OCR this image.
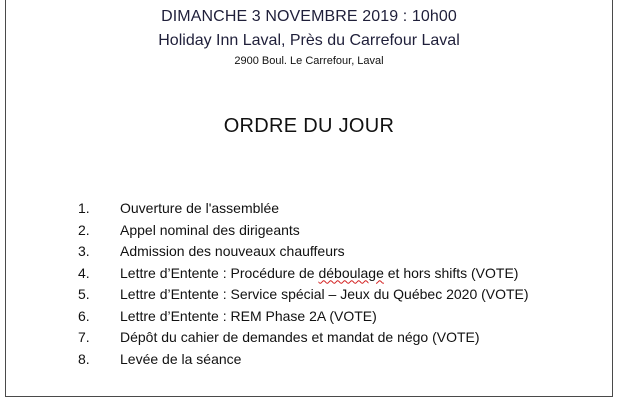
DIMANCHE 3 NOVEMBRE 2019 : 10h00
Holiday Inn Laval, Près du Carrefour Laval
2900 Boul. Le Carrefour, Laval
ORDRE DU JOUR
1. Ouverture de l'assemblée
2. Appel nominal des dirigeants
3. Admission des nouveaux chauffeurs
4. Lettre d’Entente : Procédure de déboulage et hors shifts (VOTE)
5. Lettre d’Entente : Service spécial – Jeux du Québec 2020 (VOTE)
6. Lettre d’Entente : REM Phase 2A (VOTE)
7. Dépôt du cahier de demandes et mandat de négo (VOTE)
8. Levée de la séance
